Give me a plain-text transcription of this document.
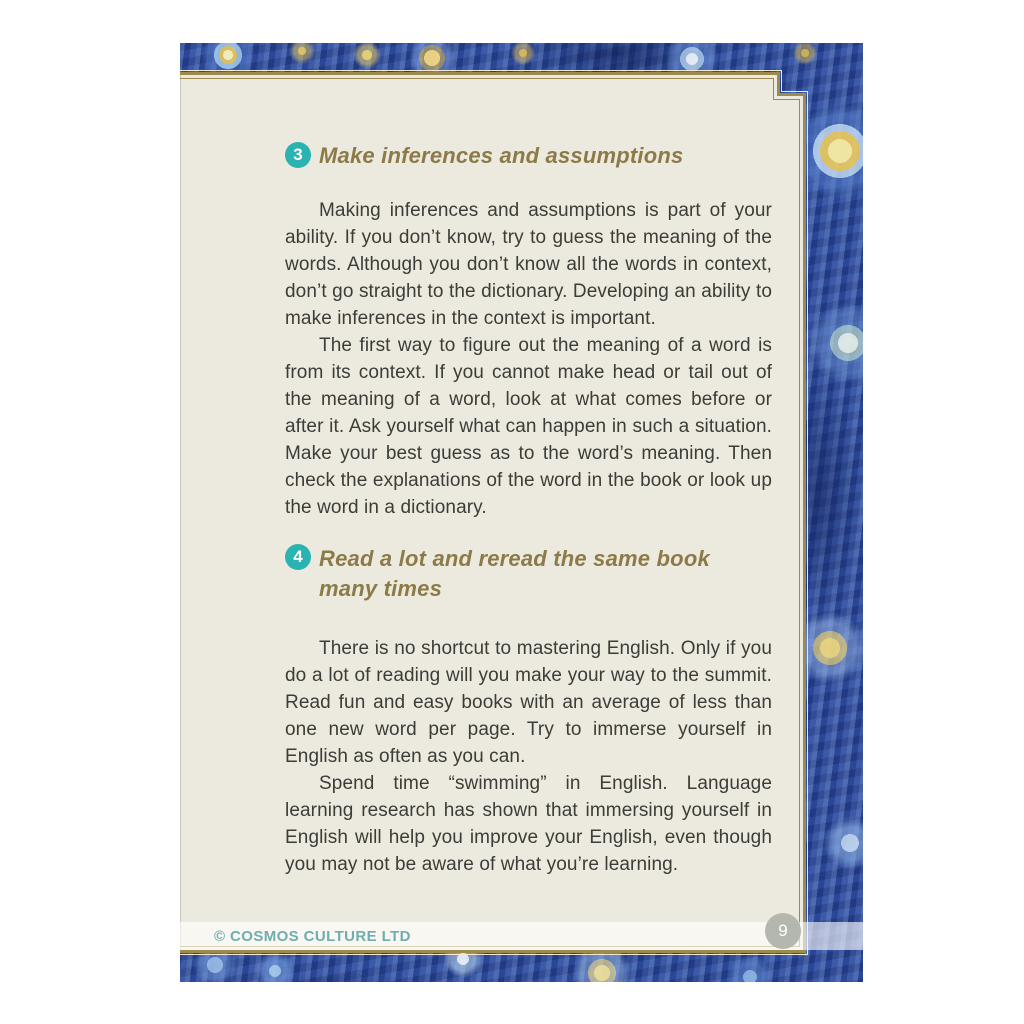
3 Make inferences and assumptions

Making inferences and assumptions is part of your ability. If you don’t know, try to guess the meaning of the words. Although you don’t know all the words in context, don’t go straight to the dictionary. Developing an ability to make inferences in the context is important.

The first way to figure out the meaning of a word is from its context. If you cannot make head or tail out of the meaning of a word, look at what comes before or after it. Ask yourself what can happen in such a situation. Make your best guess as to the word’s meaning. Then check the explanations of the word in the book or look up the word in a dictionary.

4 Read a lot and reread the same book
many times

There is no shortcut to mastering English. Only if you do a lot of reading will you make your way to the summit. Read fun and easy books with an average of less than one new word per page. Try to immerse yourself in English as often as you can.

Spend time “swimming” in English. Language learning research has shown that immersing yourself in English will help you improve your English, even though you may not be aware of what you’re learning.

© COSMOS CULTURE LTD	9
